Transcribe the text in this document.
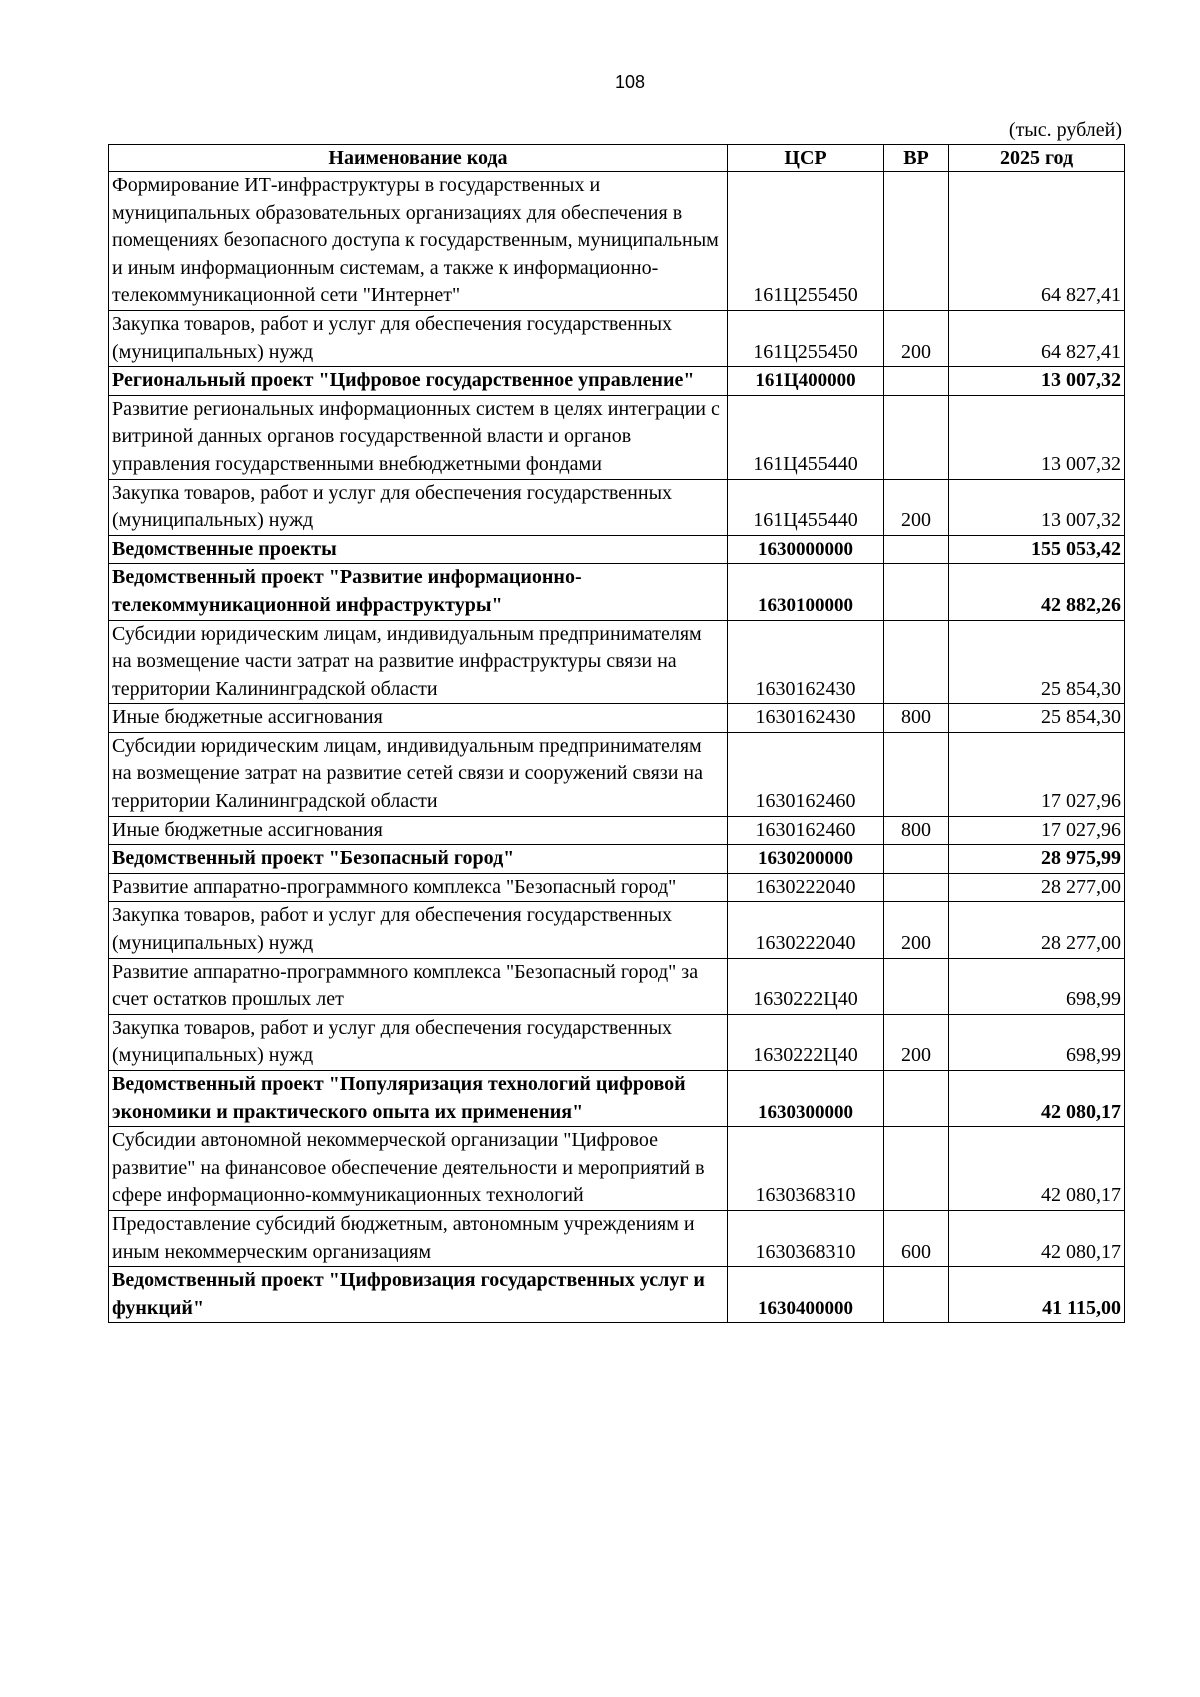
108
(тыс. рублей)
Наименование кода	ЦСР	ВР	2025 год
Формирование ИТ-инфраструктуры в государственных и муниципальных образовательных организациях для обеспечения в помещениях безопасного доступа к государственным, муниципальным и иным информационным системам, а также к информационно-телекоммуникационной сети "Интернет"	161Ц255450		64 827,41
Закупка товаров, работ и услуг для обеспечения государственных (муниципальных) нужд	161Ц255450	200	64 827,41
Региональный проект "Цифровое государственное управление"	161Ц400000		13 007,32
Развитие региональных информационных систем в целях интеграции с витриной данных органов государственной власти и органов управления государственными внебюджетными фондами	161Ц455440		13 007,32
Закупка товаров, работ и услуг для обеспечения государственных (муниципальных) нужд	161Ц455440	200	13 007,32
Ведомственные проекты	1630000000		155 053,42
Ведомственный проект "Развитие информационно-телекоммуникационной инфраструктуры"	1630100000		42 882,26
Субсидии юридическим лицам, индивидуальным предпринимателям на возмещение части затрат на развитие инфраструктуры связи на территории Калининградской области	1630162430		25 854,30
Иные бюджетные ассигнования	1630162430	800	25 854,30
Субсидии юридическим лицам, индивидуальным предпринимателям на возмещение затрат на развитие сетей связи и сооружений связи на территории Калининградской области	1630162460		17 027,96
Иные бюджетные ассигнования	1630162460	800	17 027,96
Ведомственный проект "Безопасный город"	1630200000		28 975,99
Развитие аппаратно-программного комплекса "Безопасный город"	1630222040		28 277,00
Закупка товаров, работ и услуг для обеспечения государственных (муниципальных) нужд	1630222040	200	28 277,00
Развитие аппаратно-программного комплекса "Безопасный город" за счет остатков прошлых лет	1630222Ц40		698,99
Закупка товаров, работ и услуг для обеспечения государственных (муниципальных) нужд	1630222Ц40	200	698,99
Ведомственный проект "Популяризация технологий цифровой экономики и практического опыта их применения"	1630300000		42 080,17
Субсидии автономной некоммерческой организации "Цифровое развитие" на финансовое обеспечение деятельности и мероприятий в сфере информационно-коммуникационных технологий	1630368310		42 080,17
Предоставление субсидий бюджетным, автономным учреждениям и иным некоммерческим организациям	1630368310	600	42 080,17
Ведомственный проект "Цифровизация государственных услуг и функций"	1630400000		41 115,00
